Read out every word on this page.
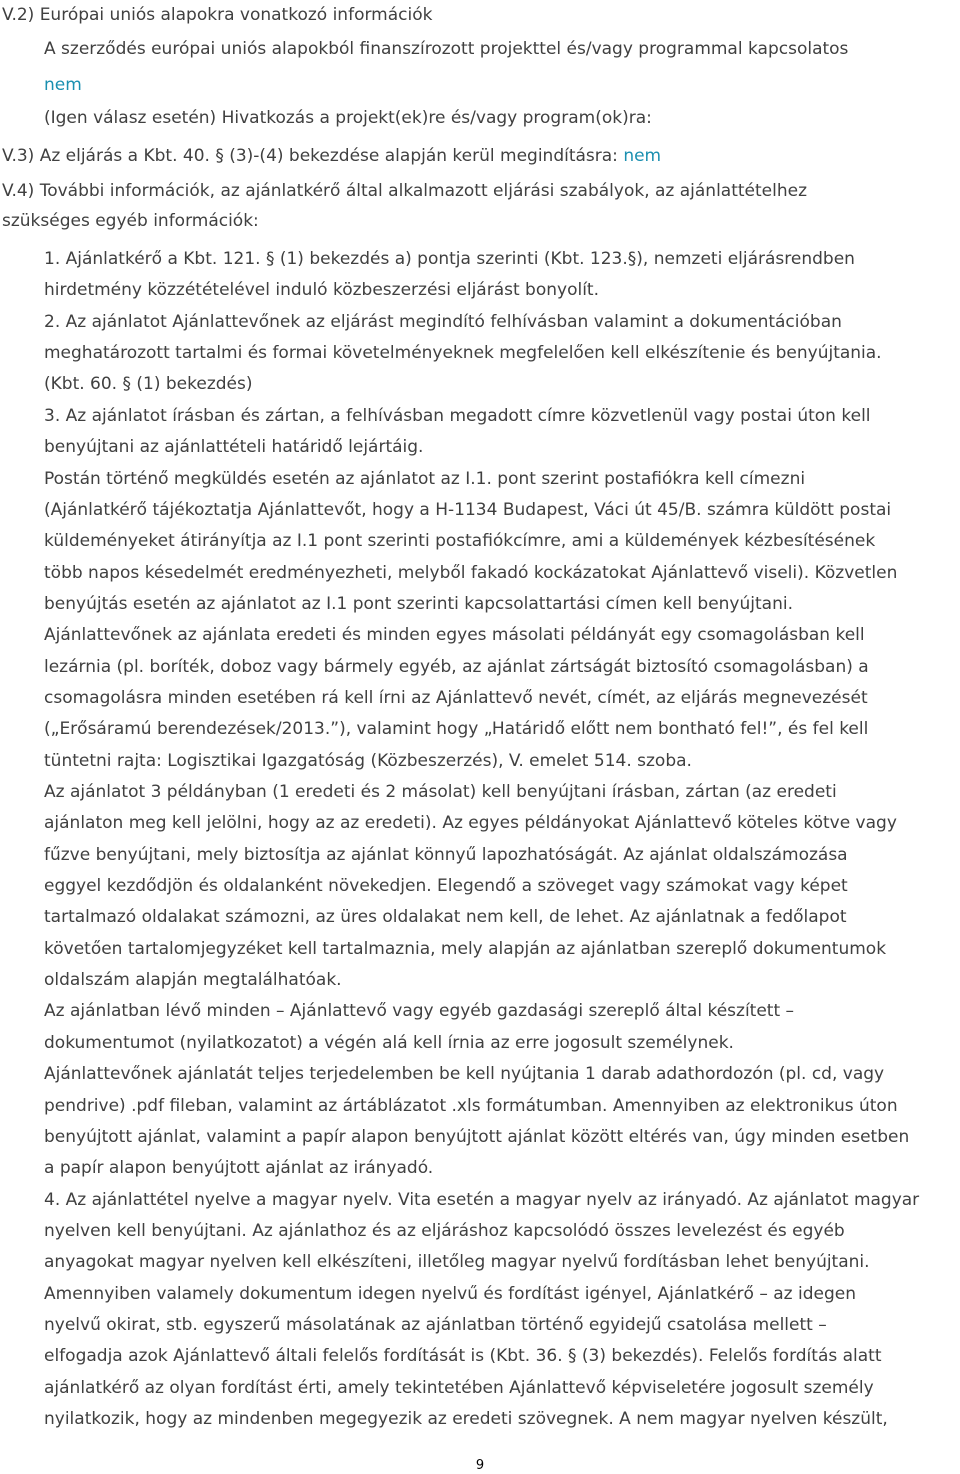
V.2) Európai uniós alapokra vonatkozó információk
A szerződés európai uniós alapokból finanszírozott projekttel és/vagy programmal kapcsolatos
nem
(Igen válasz esetén) Hivatkozás a projekt(ek)re és/vagy program(ok)ra:
V.3) Az eljárás a Kbt. 40. § (3)-(4) bekezdése alapján kerül megindításra: nem
V.4) További információk, az ajánlatkérő által alkalmazott eljárási szabályok, az ajánlattételhez
szükséges egyéb információk:
1. Ajánlatkérő a Kbt. 121. § (1) bekezdés a) pontja szerinti (Kbt. 123.§), nemzeti eljárásrendben
hirdetmény közzétételével induló közbeszerzési eljárást bonyolít.
2. Az ajánlatot Ajánlattevőnek az eljárást megindító felhívásban valamint a dokumentációban
meghatározott tartalmi és formai követelményeknek megfelelően kell elkészítenie és benyújtania.
(Kbt. 60. § (1) bekezdés)
3. Az ajánlatot írásban és zártan, a felhívásban megadott címre közvetlenül vagy postai úton kell
benyújtani az ajánlattételi határidő lejártáig.
Postán történő megküldés esetén az ajánlatot az I.1. pont szerint postafiókra kell címezni
(Ajánlatkérő tájékoztatja Ajánlattevőt, hogy a H-1134 Budapest, Váci út 45/B. számra küldött postai
küldeményeket átirányítja az I.1 pont szerinti postafiókcímre, ami a küldemények kézbesítésének
több napos késedelmét eredményezheti, melyből fakadó kockázatokat Ajánlattevő viseli). Közvetlen
benyújtás esetén az ajánlatot az I.1 pont szerinti kapcsolattartási címen kell benyújtani.
Ajánlattevőnek az ajánlata eredeti és minden egyes másolati példányát egy csomagolásban kell
lezárnia (pl. boríték, doboz vagy bármely egyéb, az ajánlat zártságát biztosító csomagolásban) a
csomagolásra minden esetében rá kell írni az Ajánlattevő nevét, címét, az eljárás megnevezését
(„Erősáramú berendezések/2013.”), valamint hogy „Határidő előtt nem bontható fel!”, és fel kell
tüntetni rajta: Logisztikai Igazgatóság (Közbeszerzés), V. emelet 514. szoba.
Az ajánlatot 3 példányban (1 eredeti és 2 másolat) kell benyújtani írásban, zártan (az eredeti
ajánlaton meg kell jelölni, hogy az az eredeti). Az egyes példányokat Ajánlattevő köteles kötve vagy
fűzve benyújtani, mely biztosítja az ajánlat könnyű lapozhatóságát. Az ajánlat oldalszámozása
eggyel kezdődjön és oldalanként növekedjen. Elegendő a szöveget vagy számokat vagy képet
tartalmazó oldalakat számozni, az üres oldalakat nem kell, de lehet. Az ajánlatnak a fedőlapot
követően tartalomjegyzéket kell tartalmaznia, mely alapján az ajánlatban szereplő dokumentumok
oldalszám alapján megtalálhatóak.
Az ajánlatban lévő minden – Ajánlattevő vagy egyéb gazdasági szereplő által készített –
dokumentumot (nyilatkozatot) a végén alá kell írnia az erre jogosult személynek.
Ajánlattevőnek ajánlatát teljes terjedelemben be kell nyújtania 1 darab adathordozón (pl. cd, vagy
pendrive) .pdf fileban, valamint az ártáblázatot .xls formátumban. Amennyiben az elektronikus úton
benyújtott ajánlat, valamint a papír alapon benyújtott ajánlat között eltérés van, úgy minden esetben
a papír alapon benyújtott ajánlat az irányadó.
4. Az ajánlattétel nyelve a magyar nyelv. Vita esetén a magyar nyelv az irányadó. Az ajánlatot magyar
nyelven kell benyújtani. Az ajánlathoz és az eljáráshoz kapcsolódó összes levelezést és egyéb
anyagokat magyar nyelven kell elkészíteni, illetőleg magyar nyelvű fordításban lehet benyújtani.
Amennyiben valamely dokumentum idegen nyelvű és fordítást igényel, Ajánlatkérő – az idegen
nyelvű okirat, stb. egyszerű másolatának az ajánlatban történő egyidejű csatolása mellett –
elfogadja azok Ajánlattevő általi felelős fordítását is (Kbt. 36. § (3) bekezdés). Felelős fordítás alatt
ajánlatkérő az olyan fordítást érti, amely tekintetében Ajánlattevő képviseletére jogosult személy
nyilatkozik, hogy az mindenben megegyezik az eredeti szövegnek. A nem magyar nyelven készült,
9
